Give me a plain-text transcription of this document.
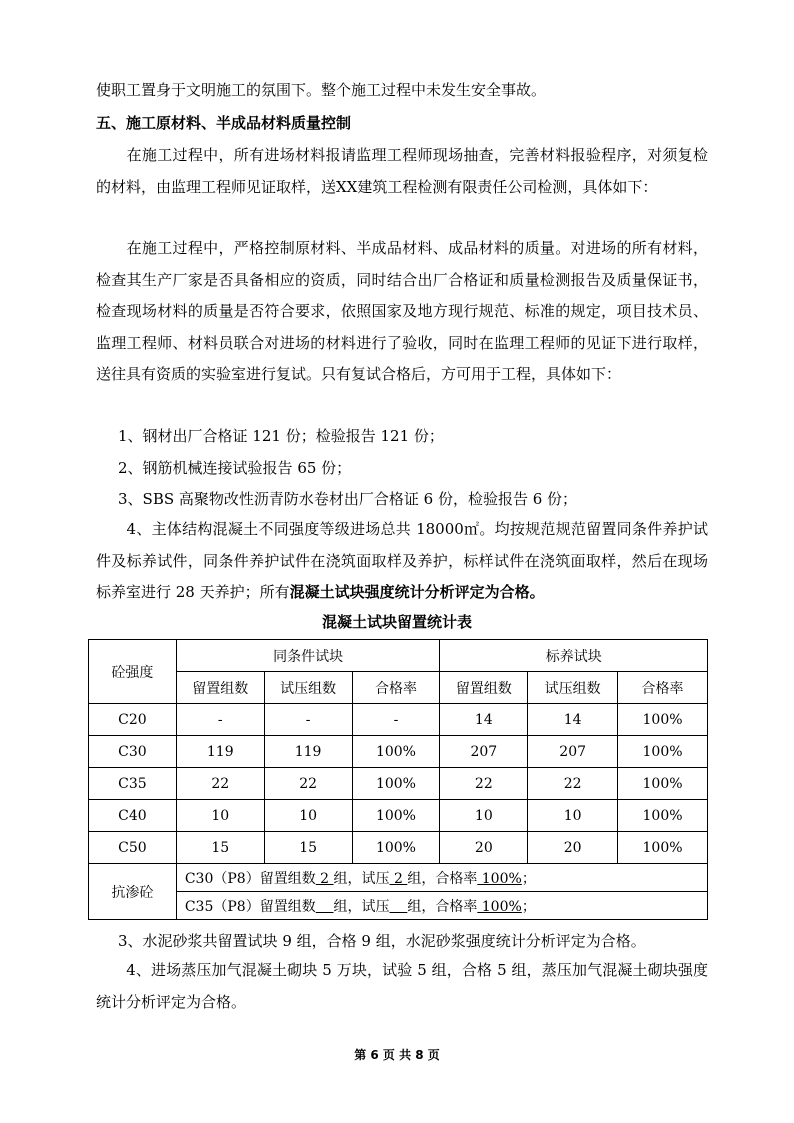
使职工置身于文明施工的氛围下。整个施工过程中未发生安全事故。

五、施工原材料、半成品材料质量控制

　　在施工过程中，所有进场材料报请监理工程师现场抽查，完善材料报验程序，对须复检的材料，由监理工程师见证取样，送XX建筑工程检测有限责任公司检测，具体如下：

　　在施工过程中，严格控制原材料、半成品材料、成品材料的质量。对进场的所有材料，检查其生产厂家是否具备相应的资质，同时结合出厂合格证和质量检测报告及质量保证书，检查现场材料的质量是否符合要求，依照国家及地方现行规范、标准的规定，项目技术员、监理工程师、材料员联合对进场的材料进行了验收，同时在监理工程师的见证下进行取样，送往具有资质的实验室进行复试。只有复试合格后，方可用于工程，具体如下：

1、钢材出厂合格证 121 份；检验报告 121 份；

2、钢筋机械连接试验报告 65 份；

3、SBS 高聚物改性沥青防水卷材出厂合格证 6 份，检验报告 6 份；

　　4、主体结构混凝土不同强度等级进场总共 18000㎡。均按规范规范留置同条件养护试件及标养试件，同条件养护试件在浇筑面取样及养护，标样试件在浇筑面取样，然后在现场标养室进行 28 天养护；所有混凝土试块强度统计分析评定为合格。

混凝土试块留置统计表
砼强度	同条件试块			标养试块		
	留置组数	试压组数	合格率	留置组数	试压组数	合格率
C20	-	-	-	14	14	100%
C30	119	119	100%	207	207	100%
C35	22	22	100%	22	22	100%
C40	10	10	100%	10	10	100%
C50	15	15	100%	20	20	100%
抗渗砼	C30（P8）留置组数 2 组，试压 2 组，合格率 100%；					
	C35（P8）留置组数 组，试压 组，合格率 100%；					

3、水泥砂浆共留置试块 9 组，合格 9 组，水泥砂浆强度统计分析评定为合格。

　　4、进场蒸压加气混凝土砌块 5 万块，试验 5 组，合格 5 组，蒸压加气混凝土砌块强度统计分析评定为合格。

第 6 页 共 8 页
